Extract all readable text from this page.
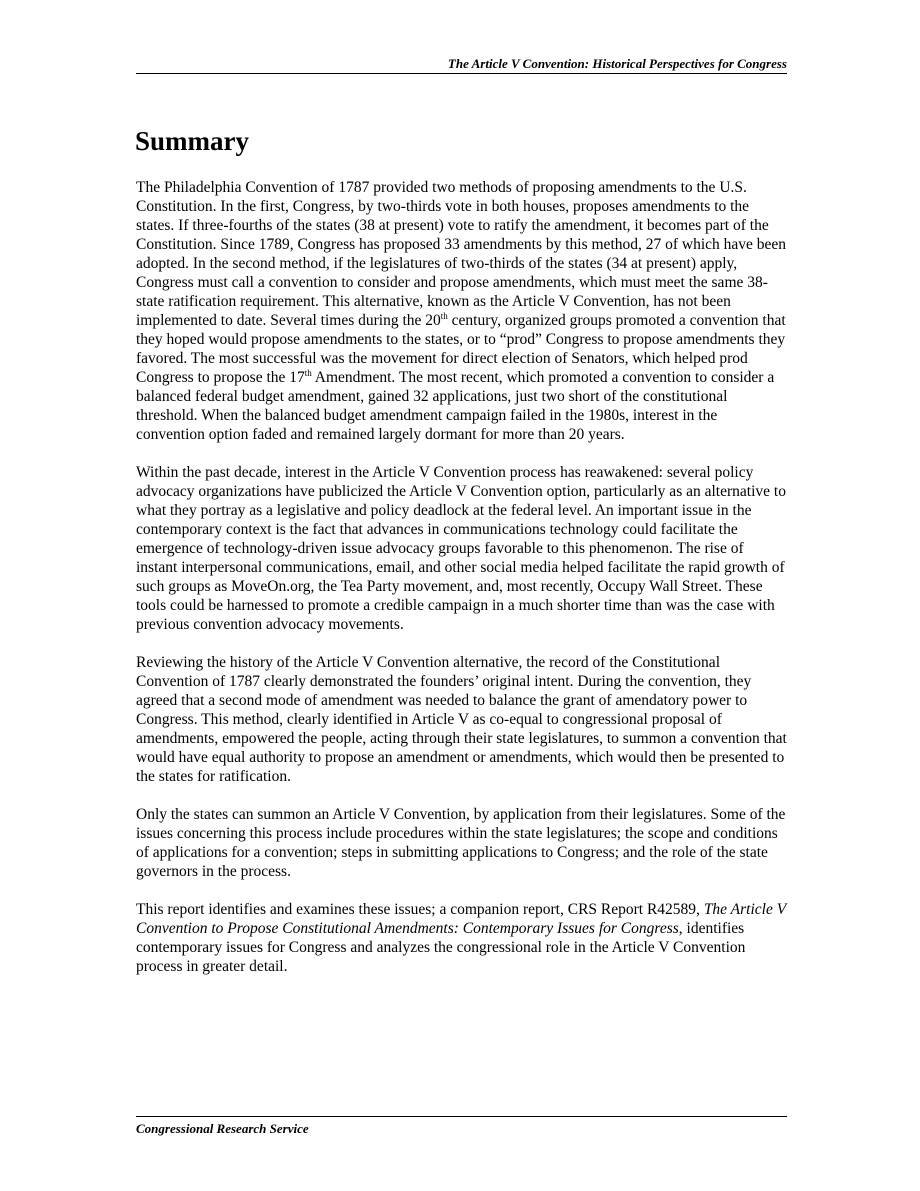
The Article V Convention: Historical Perspectives for Congress
Summary

The Philadelphia Convention of 1787 provided two methods of proposing amendments to the U.S. Constitution. In the first, Congress, by two-thirds vote in both houses, proposes amendments to the states. If three-fourths of the states (38 at present) vote to ratify the amendment, it becomes part of the Constitution. Since 1789, Congress has proposed 33 amendments by this method, 27 of which have been adopted. In the second method, if the legislatures of two-thirds of the states (34 at present) apply, Congress must call a convention to consider and propose amendments, which must meet the same 38-state ratification requirement. This alternative, known as the Article V Convention, has not been implemented to date. Several times during the 20th century, organized groups promoted a convention that they hoped would propose amendments to the states, or to “prod” Congress to propose amendments they favored. The most successful was the movement for direct election of Senators, which helped prod Congress to propose the 17th Amendment. The most recent, which promoted a convention to consider a balanced federal budget amendment, gained 32 applications, just two short of the constitutional threshold. When the balanced budget amendment campaign failed in the 1980s, interest in the convention option faded and remained largely dormant for more than 20 years.

Within the past decade, interest in the Article V Convention process has reawakened: several policy advocacy organizations have publicized the Article V Convention option, particularly as an alternative to what they portray as a legislative and policy deadlock at the federal level. An important issue in the contemporary context is the fact that advances in communications technology could facilitate the emergence of technology-driven issue advocacy groups favorable to this phenomenon. The rise of instant interpersonal communications, email, and other social media helped facilitate the rapid growth of such groups as MoveOn.org, the Tea Party movement, and, most recently, Occupy Wall Street. These tools could be harnessed to promote a credible campaign in a much shorter time than was the case with previous convention advocacy movements.

Reviewing the history of the Article V Convention alternative, the record of the Constitutional Convention of 1787 clearly demonstrated the founders’ original intent. During the convention, they agreed that a second mode of amendment was needed to balance the grant of amendatory power to Congress. This method, clearly identified in Article V as co-equal to congressional proposal of amendments, empowered the people, acting through their state legislatures, to summon a convention that would have equal authority to propose an amendment or amendments, which would then be presented to the states for ratification.

Only the states can summon an Article V Convention, by application from their legislatures. Some of the issues concerning this process include procedures within the state legislatures; the scope and conditions of applications for a convention; steps in submitting applications to Congress; and the role of the state governors in the process.

This report identifies and examines these issues; a companion report, CRS Report R42589, The Article V Convention to Propose Constitutional Amendments: Contemporary Issues for Congress, identifies contemporary issues for Congress and analyzes the congressional role in the Article V Convention process in greater detail.

Congressional Research Service
